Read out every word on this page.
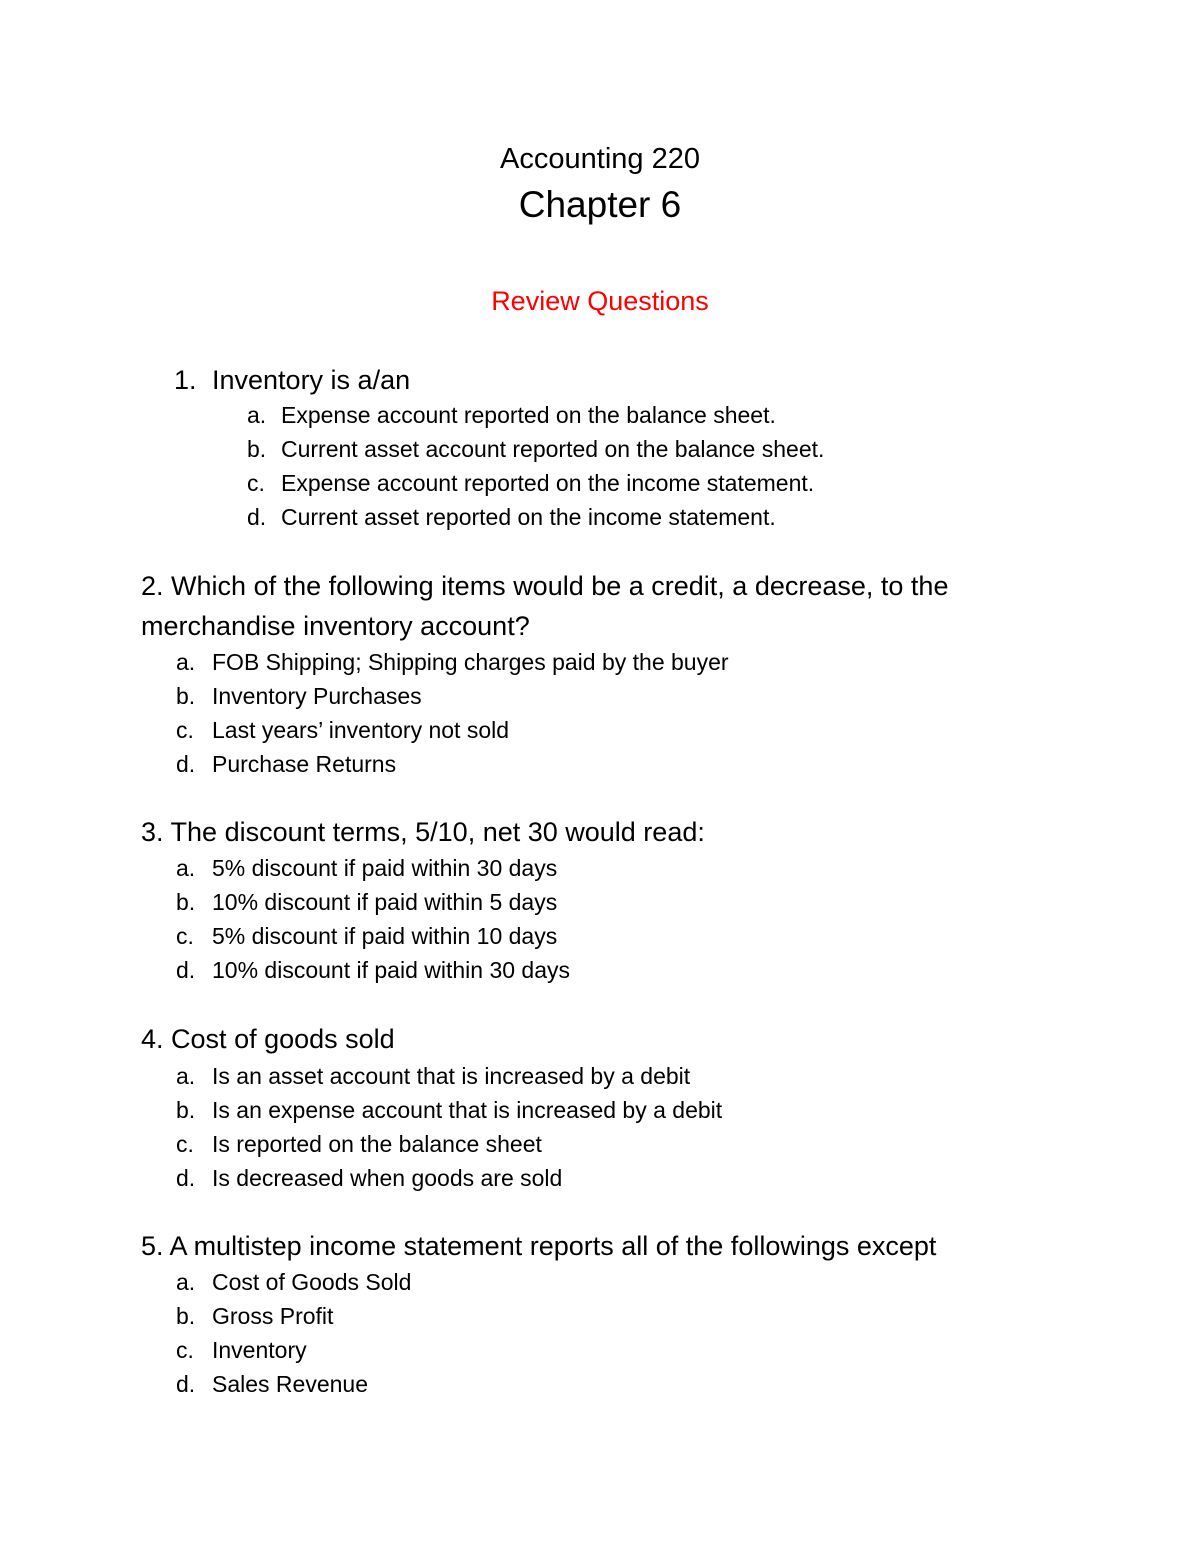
Accounting 220
Chapter 6
Review Questions
1. Inventory is a/an
a. Expense account reported on the balance sheet.
b. Current asset account reported on the balance sheet.
c. Expense account reported on the income statement.
d. Current asset reported on the income statement.
2. Which of the following items would be a credit, a decrease, to the merchandise inventory account?
a. FOB Shipping; Shipping charges paid by the buyer
b. Inventory Purchases
c. Last years’ inventory not sold
d. Purchase Returns
3. The discount terms, 5/10, net 30 would read:
a. 5% discount if paid within 30 days
b. 10% discount if paid within 5 days
c. 5% discount if paid within 10 days
d. 10% discount if paid within 30 days
4. Cost of goods sold
a. Is an asset account that is increased by a debit
b. Is an expense account that is increased by a debit
c. Is reported on the balance sheet
d. Is decreased when goods are sold
5. A multistep income statement reports all of the followings except
a. Cost of Goods Sold
b. Gross Profit
c. Inventory
d. Sales Revenue
